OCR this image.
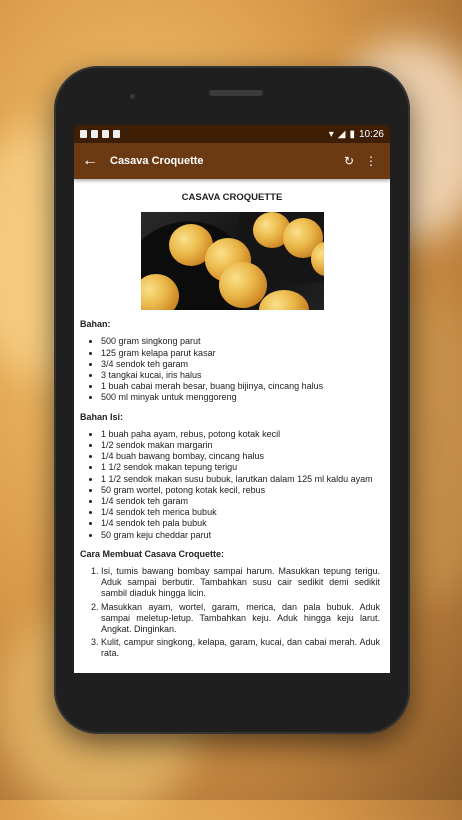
▾ ◢ ▮ 10:26
←	Casava Croquette	↻ ⋮
CASAVA CROQUETTE
Bahan:
• 500 gram singkong parut
• 125 gram kelapa parut kasar
• 3/4 sendok teh garam
• 3 tangkai kucai, iris halus
• 1 buah cabai merah besar, buang bijinya, cincang halus
• 500 ml minyak untuk menggoreng
Bahan Isi:
• 1 buah paha ayam, rebus, potong kotak kecil
• 1/2 sendok makan margarin
• 1/4 buah bawang bombay, cincang halus
• 1 1/2 sendok makan tepung terigu
• 1 1/2 sendok makan susu bubuk, larutkan dalam 125 ml kaldu ayam
• 50 gram wortel, potong kotak kecil, rebus
• 1/4 sendok teh garam
• 1/4 sendok teh merica bubuk
• 1/4 sendok teh pala bubuk
• 50 gram keju cheddar parut
Cara Membuat Casava Croquette:
1. Isi, tumis bawang bombay sampai harum. Masukkan tepung terigu. Aduk sampai berbutir. Tambahkan susu cair sedikit demi sedikit sambil diaduk hingga licin.
2. Masukkan ayam, wortel, garam, merica, dan pala bubuk. Aduk sampai meletup-letup. Tambahkan keju. Aduk hingga keju larut. Angkat. Dinginkan.
3. Kulit, campur singkong, kelapa, garam, kucai, dan cabai merah. Aduk rata.
